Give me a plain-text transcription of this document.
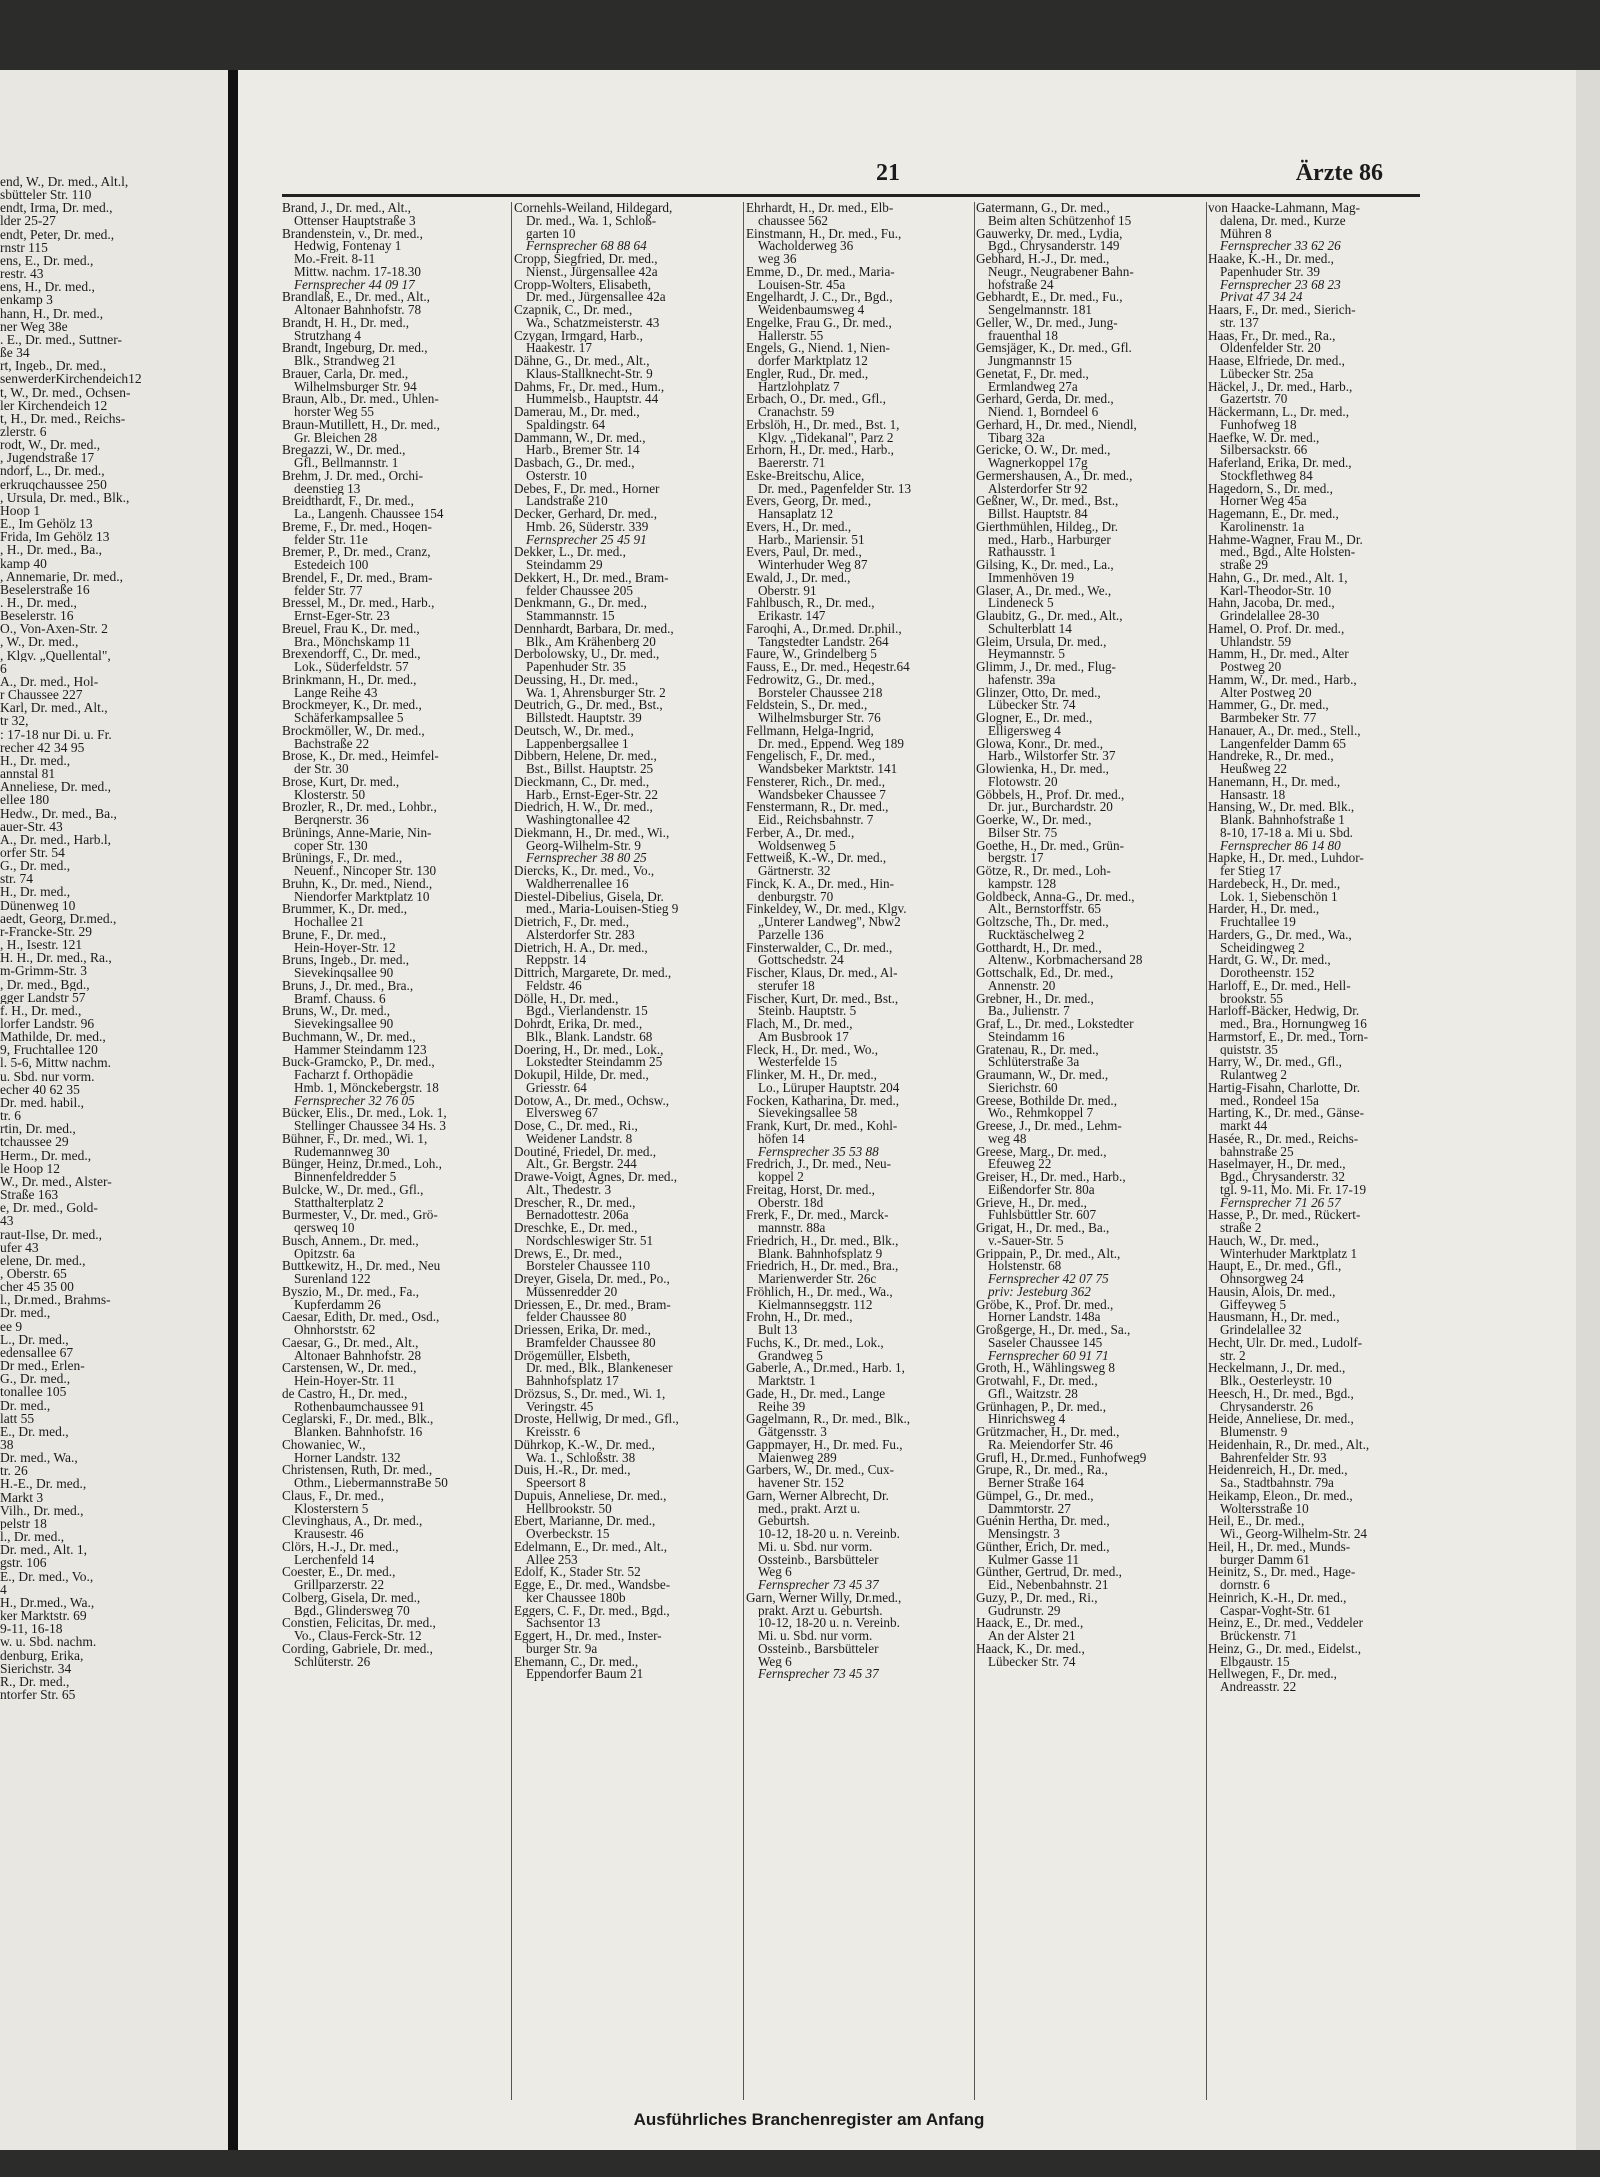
end, W., Dr. med., Alt.l,
sbütteler Str. 110
endt, Irma, Dr. med.,
lder 25-27
endt, Peter, Dr. med.,
rnstr 115
ens, E., Dr. med.,
restr. 43
ens, H., Dr. med.,
enkamp 3
hann, H., Dr. med.,
ner Weg 38e
. E., Dr. med., Suttner-
ße 34
rt, Ingeb., Dr. med.,
senwerderKirchendeich12
t, W., Dr. med., Ochsen-
ler Kirchendeich 12
t, H., Dr. med., Reichs-
zlerstr. 6
rodt, W., Dr. med.,
, Jugendstraße 17
ndorf, L., Dr. med.,
erkruqchaussee 250
, Ursula, Dr. med., Blk.,
Hoop 1
E., Im Gehölz 13
Frida, Im Gehölz 13
, H., Dr. med., Ba.,
kamp 40
, Annemarie, Dr. med.,
Beselerstraße 16
. H., Dr. med.,
Beselerstr. 16
O., Von-Axen-Str. 2
, W., Dr. med.,
, Klgv. „Quellental",
6
A., Dr. med., Hol-
r Chaussee 227
Karl, Dr. med., Alt.,
tr 32,
: 17-18 nur Di. u. Fr.
recher 42 34 95
H., Dr. med.,
annstal 81
Anneliese, Dr. med.,
ellee 180
Hedw., Dr. med., Ba.,
auer-Str. 43
A., Dr. med., Harb.l,
orfer Str. 54
G., Dr. med.,
str. 74
H., Dr. med.,
Dünenweg 10
aedt, Georg, Dr.med.,
r-Francke-Str. 29
, H., Isestr. 121
H. H., Dr. med., Ra.,
m-Grimm-Str. 3
, Dr. med., Bgd.,
gger Landstr 57
f. H., Dr. med.,
lorfer Landstr. 96
Mathilde, Dr. med.,
9, Fruchtallee 120
l. 5-6, Mittw nachm.
u. Sbd. nur vorm.
echer 40 62 35
Dr. med. habil.,
tr. 6
rtin, Dr. med.,
tchaussee 29
Herm., Dr. med.,
le Hoop 12
W., Dr. med., Alster-
Straße 163
e, Dr. med., Gold-
43
raut-Ilse, Dr. med.,
ufer 43
elene, Dr. med.,
, Oberstr. 65
cher 45 35 00
l., Dr.med., Brahms-
Dr. med.,
ee 9
L., Dr. med.,
edensallee 67
Dr med., Erlen-
G., Dr. med.,
tonallee 105
Dr. med.,
latt 55
E., Dr. med.,
38
Dr. med., Wa.,
tr. 26
H.-E., Dr. med.,
Markt 3
Vilh., Dr. med.,
pelstr 18
l., Dr. med.,
Dr. med., Alt. 1,
gstr. 106
E., Dr. med., Vo.,
4
H., Dr.med., Wa.,
ker Marktstr. 69
9-11, 16-18
w. u. Sbd. nachm.
denburg, Erika,
Sierichstr. 34
R., Dr. med.,
ntorfer Str. 65
21	Ärzte 86
Brand, J., Dr. med., Alt.,
Ottenser Hauptstraße 3
Brandenstein, v., Dr. med.,
Hedwig, Fontenay 1
Mo.-Freit. 8-11
Mittw. nachm. 17-18.30
Fernsprecher 44 09 17
Brandlaß, E., Dr. med., Alt.,
Altonaer Bahnhofstr. 78
Brandt, H. H., Dr. med.,
Strutzhang 4
Brandt, Ingeburg, Dr. med.,
Blk., Strandweg 21
Brauer, Carla, Dr. med.,
Wilhelmsburger Str. 94
Braun, Alb., Dr. med., Uhlen-
horster Weg 55
Braun-Mutillett, H., Dr. med.,
Gr. Bleichen 28
Bregazzi, W., Dr. med.,
Gfl., Bellmannstr. 1
Brehm, J. Dr. med., Orchi-
deenstieg 13
Breidthardt, F., Dr. med.,
La., Langenh. Chaussee 154
Breme, F., Dr. med., Hoqen-
felder Str. 11e
Bremer, P., Dr. med., Cranz,
Estedeich 100
Brendel, F., Dr. med., Bram-
felder Str. 77
Bressel, M., Dr. med., Harb.,
Ernst-Eger-Str. 23
Breuel, Frau K., Dr. med.,
Bra., Mönchskamp 11
Brexendorff, C., Dr. med.,
Lok., Süderfeldstr. 57
Brinkmann, H., Dr. med.,
Lange Reihe 43
Brockmeyer, K., Dr. med.,
Schäferkampsallee 5
Brockmöller, W., Dr. med.,
Bachstraße 22
Brose, K., Dr. med., Heimfel-
der Str. 30
Brose, Kurt, Dr. med.,
Klosterstr. 50
Brozler, R., Dr. med., Lohbr.,
Berqnerstr. 36
Brünings, Anne-Marie, Nin-
coper Str. 130
Brünings, F., Dr. med.,
Neuenf., Nincoper Str. 130
Bruhn, K., Dr. med., Niend.,
Niendorfer Marktplatz 10
Brummer, K., Dr. med.,
Hochallee 21
Brune, F., Dr. med.,
Hein-Hoyer-Str. 12
Bruns, Ingeb., Dr. med.,
Sievekinqsallee 90
Bruns, J., Dr. med., Bra.,
Bramf. Chauss. 6
Bruns, W., Dr. med.,
Sievekingsallee 90
Buchmann, W., Dr. med.,
Hammer Steindamm 123
Buck-Gramcko, P., Dr. med.,
Facharzt f. Orthopädie
Hmb. 1, Mönckebergstr. 18
Fernsprecher 32 76 05
Bücker, Elis., Dr. med., Lok. 1,
Stellinger Chaussee 34 Hs. 3
Bühner, F., Dr. med., Wi. 1,
Rudemannweg 30
Bünger, Heinz, Dr.med., Loh.,
Binnenfeldredder 5
Bulcke, W., Dr. med., Gfl.,
Statthalterplatz 2
Burmester, V., Dr. med., Grö-
qersweq 10
Busch, Annem., Dr. med.,
Opitzstr. 6a
Buttkewitz, H., Dr. med., Neu
Surenland 122
Byszio, M., Dr. med., Fa.,
Kupferdamm 26
Caesar, Edith, Dr. med., Osd.,
Ohnhorststr. 62
Caesar, G., Dr. med., Alt.,
Altonaer Bahnhofstr. 28
Carstensen, W., Dr. med.,
Hein-Hoyer-Str. 11
de Castro, H., Dr. med.,
Rothenbaumchaussee 91
Ceglarski, F., Dr. med., Blk.,
Blanken. Bahnhofstr. 16
Chowaniec, W.,
Horner Landstr. 132
Christensen, Ruth, Dr. med.,
Othm., LiebermannstraBe 50
Claus, F., Dr. med.,
Klosterstern 5
Clevinghaus, A., Dr. med.,
Krausestr. 46
Clörs, H.-J., Dr. med.,
Lerchenfeld 14
Coester, E., Dr. med.,
Grillparzerstr. 22
Colberg, Gisela, Dr. med.,
Bgd., Glindersweg 70
Constien, Felicitas, Dr. med.,
Vo., Claus-Ferck-Str. 12
Cording, Gabriele, Dr. med.,
Schlüterstr. 26
Cornehls-Weiland, Hildegard,
Dr. med., Wa. 1, Schloß-
garten 10
Fernsprecher 68 88 64
Cropp, Siegfried, Dr. med.,
Nienst., Jürgensallee 42a
Cropp-Wolters, Elisabeth,
Dr. med., Jürgensallee 42a
Czapnik, C., Dr. med.,
Wa., Schatzmeisterstr. 43
Czygan, Irmgard, Harb.,
Haakestr. 17
Dähne, G., Dr. med., Alt.,
Klaus-Stallknecht-Str. 9
Dahms, Fr., Dr. med., Hum.,
Hummelsb., Hauptstr. 44
Damerau, M., Dr. med.,
Spaldingstr. 64
Dammann, W., Dr. med.,
Harb., Bremer Str. 14
Dasbach, G., Dr. med.,
Osterstr. 10
Debes, F., Dr. med., Horner
Landstraße 210
Decker, Gerhard, Dr. med.,
Hmb. 26, Süderstr. 339
Fernsprecher 25 45 91
Dekker, L., Dr. med.,
Steindamm 29
Dekkert, H., Dr. med., Bram-
felder Chaussee 205
Denkmann, G., Dr. med.,
Stammannstr. 15
Dennhardt, Barbara, Dr. med.,
Blk., Am Krähenberg 20
Derbolowsky, U., Dr. med.,
Papenhuder Str. 35
Deussing, H., Dr. med.,
Wa. 1, Ahrensburger Str. 2
Deutrich, G., Dr. med., Bst.,
Billstedt. Hauptstr. 39
Deutsch, W., Dr. med.,
Lappenbergsallee 1
Dibbern, Helene, Dr. med.,
Bst., Billst. Hauptstr. 25
Dieckmann, C., Dr. med.,
Harb., Ernst-Eger-Str. 22
Diedrich, H. W., Dr. med.,
Washingtonallee 42
Diekmann, H., Dr. med., Wi.,
Georg-Wilhelm-Str. 9
Fernsprecher 38 80 25
Diercks, K., Dr. med., Vo.,
Waldherrenallee 16
Diestel-Dibelius, Gisela, Dr.
med., Maria-Louisen-Stieg 9
Dietrich, F., Dr. med.,
Alsterdorfer Str. 283
Dietrich, H. A., Dr. med.,
Reppstr. 14
Dittrich, Margarete, Dr. med.,
Feldstr. 46
Dölle, H., Dr. med.,
Bgd., Vierlandenstr. 15
Dohrdt, Erika, Dr. med.,
Blk., Blank. Landstr. 68
Doering, H., Dr. med., Lok.,
Lokstedter Steindamm 25
Dokupil, Hilde, Dr. med.,
Griesstr. 64
Dotow, A., Dr. med., Ochsw.,
Elversweg 67
Dose, C., Dr. med., Ri.,
Weidener Landstr. 8
Doutiné, Friedel, Dr. med.,
Alt., Gr. Bergstr. 244
Drawe-Voigt, Agnes, Dr. med.,
Alt., Thedestr. 3
Drescher, R., Dr. med.,
Bernadottestr. 206a
Dreschke, E., Dr. med.,
Nordschleswiger Str. 51
Drews, E., Dr. med.,
Borsteler Chaussee 110
Dreyer, Gisela, Dr. med., Po.,
Müssenredder 20
Driessen, E., Dr. med., Bram-
felder Chaussee 80
Driessen, Erika, Dr. med.,
Bramfelder Chaussee 80
Drögemüller, Elsbeth,
Dr. med., Blk., Blankeneser
Bahnhofsplatz 17
Drözsus, S., Dr. med., Wi. 1,
Veringstr. 45
Droste, Hellwig, Dr med., Gfl.,
Kreisstr. 6
Dührkop, K.-W., Dr. med.,
Wa. 1., Schloßstr. 38
Duis, H.-R., Dr. med.,
Speersort 8
Dupuis, Anneliese, Dr. med.,
Hellbrookstr. 50
Ebert, Marianne, Dr. med.,
Overbeckstr. 15
Edelmann, E., Dr. med., Alt.,
Allee 253
Edolf, K., Stader Str. 52
Egge, E., Dr. med., Wandsbe-
ker Chaussee 180b
Eggers, C. F., Dr. med., Bgd.,
Sachsentor 13
Eggert, H., Dr. med., Inster-
burger Str. 9a
Ehemann, C., Dr. med.,
Eppendorfer Baum 21
Ehrhardt, H., Dr. med., Elb-
chaussee 562
Einstmann, H., Dr. med., Fu.,
Wacholderweg 36
weg 36
Emme, D., Dr. med., Maria-
Louisen-Str. 45a
Engelhardt, J. C., Dr., Bgd.,
Weidenbaumsweg 4
Engelke, Frau G., Dr. med.,
Hallerstr. 55
Engels, G., Niend. 1, Nien-
dorfer Marktplatz 12
Engler, Rud., Dr. med.,
Hartzlohplatz 7
Erbach, O., Dr. med., Gfl.,
Cranachstr. 59
Erbslöh, H., Dr. med., Bst. 1,
Klgv. „Tidekanal", Parz 2
Erhorn, H., Dr. med., Harb.,
Baererstr. 71
Eske-Breitschu, Alice,
Dr. med., Pagenfelder Str. 13
Evers, Georg, Dr. med.,
Hansaplatz 12
Evers, H., Dr. med.,
Harb., Mariensir. 51
Evers, Paul, Dr. med.,
Winterhuder Weg 87
Ewald, J., Dr. med.,
Oberstr. 91
Fahlbusch, R., Dr. med.,
Erikastr. 147
Faroqhi, A., Dr.med. Dr.phil.,
Tangstedter Landstr. 264
Faure, W., Grindelberg 5
Fauss, E., Dr. med., Heqestr.64
Fedrowitz, G., Dr. med.,
Borsteler Chaussee 218
Feldstein, S., Dr. med.,
Wilhelmsburger Str. 76
Fellmann, Helga-Ingrid,
Dr. med., Eppend. Weg 189
Fengelisch, F., Dr. med.,
Wandsbeker Marktstr. 141
Fensterer, Rich., Dr. med.,
Wandsbeker Chaussee 7
Fenstermann, R., Dr. med.,
Eid., Reichsbahnstr. 7
Ferber, A., Dr. med.,
Woldsenweg 5
Fettweiß, K.-W., Dr. med.,
Gärtnerstr. 32
Finck, K. A., Dr. med., Hin-
denburgstr. 70
Finkeldey, W., Dr. med., Klgv.
„Unterer Landweg", Nbw2
Parzelle 136
Finsterwalder, C., Dr. med.,
Gottschedstr. 24
Fischer, Klaus, Dr. med., Al-
sterufer 18
Fischer, Kurt, Dr. med., Bst.,
Steinb. Hauptstr. 5
Flach, M., Dr. med.,
Am Busbrook 17
Fleck, H., Dr. med., Wo.,
Westerfelde 15
Flinker, M. H., Dr. med.,
Lo., Lüruper Hauptstr. 204
Focken, Katharina, Dr. med.,
Sievekingsallee 58
Frank, Kurt, Dr. med., Kohl-
höfen 14
Fernsprecher 35 53 88
Fredrich, J., Dr. med., Neu-
koppel 2
Freitag, Horst, Dr. med.,
Oberstr. 18d
Frerk, F., Dr. med., Marck-
mannstr. 88a
Friedrich, H., Dr. med., Blk.,
Blank. Bahnhofsplatz 9
Friedrich, H., Dr. med., Bra.,
Marienwerder Str. 26c
Fröhlich, H., Dr. med., Wa.,
Kielmannseggstr. 112
Frohn, H., Dr. med.,
Bult 13
Fuchs, K., Dr. med., Lok.,
Grandweg 5
Gaberle, A., Dr.med., Harb. 1,
Marktstr. 1
Gade, H., Dr. med., Lange
Reihe 39
Gagelmann, R., Dr. med., Blk.,
Gätgensstr. 3
Gappmayer, H., Dr. med. Fu.,
Maienweg 289
Garbers, W., Dr. med., Cux-
havener Str. 152
Garn, Werner Albrecht, Dr.
med., prakt. Arzt u.
Geburtsh.
10-12, 18-20 u. n. Vereinb.
Mi. u. Sbd. nur vorm.
Ossteinb., Barsbütteler
Weg 6
Fernsprecher 73 45 37
Garn, Werner Willy, Dr.med.,
prakt. Arzt u. Geburtsh.
10-12, 18-20 u. n. Vereinb.
Mi. u. Sbd. nur vorm.
Ossteinb., Barsbütteler
Weg 6
Fernsprecher 73 45 37
Gatermann, G., Dr. med.,
Beim alten Schützenhof 15
Gauwerky, Dr. med., Lydia,
Bgd., Chrysanderstr. 149
Gebhard, H.-J., Dr. med.,
Neugr., Neugrabener Bahn-
hofstraße 24
Gebhardt, E., Dr. med., Fu.,
Sengelmannstr. 181
Geller, W., Dr. med., Jung-
frauenthal 18
Gemsjäger, K., Dr. med., Gfl.
Jungmannstr 15
Genetat, F., Dr. med.,
Ermlandweg 27a
Gerhard, Gerda, Dr. med.,
Niend. 1, Borndeel 6
Gerhard, H., Dr. med., Niendl,
Tibarg 32a
Gericke, O. W., Dr. med.,
Wagnerkoppel 17g
Germershausen, A., Dr. med.,
Alsterdorfer Str 92
Geßner, W., Dr. med., Bst.,
Billst. Hauptstr. 84
Gierthmühlen, Hildeg., Dr.
med., Harb., Harburger
Rathausstr. 1
Gilsing, K., Dr. med., La.,
Immenhöven 19
Glaser, A., Dr. med., We.,
Lindeneck 5
Glaubitz, G., Dr. med., Alt.,
Schulterblatt 14
Gleim, Ursula, Dr. med.,
Heymannstr. 5
Glimm, J., Dr. med., Flug-
hafenstr. 39a
Glinzer, Otto, Dr. med.,
Lübecker Str. 74
Glogner, E., Dr. med.,
Elligersweg 4
Glowa, Konr., Dr. med.,
Harb., Wilstorfer Str. 37
Glowienka, H., Dr. med.,
Flotowstr. 20
Göbbels, H., Prof. Dr. med.,
Dr. jur., Burchardstr. 20
Goerke, W., Dr. med.,
Bilser Str. 75
Goethe, H., Dr. med., Grün-
bergstr. 17
Götze, R., Dr. med., Loh-
kampstr. 128
Goldbeck, Anna-G., Dr. med.,
Alt., Bernstorffstr. 65
Goltzsche, Th., Dr. med.,
Rucktäschelweg 2
Gotthardt, H., Dr. med.,
Altenw., Korbmachersand 28
Gottschalk, Ed., Dr. med.,
Annenstr. 20
Grebner, H., Dr. med.,
Ba., Julienstr. 7
Graf, L., Dr. med., Lokstedter
Steindamm 16
Gratenau, R., Dr. med.,
Schlüterstraße 3a
Graumann, W., Dr. med.,
Sierichstr. 60
Greese, Bothilde Dr. med.,
Wo., Rehmkoppel 7
Greese, J., Dr. med., Lehm-
weg 48
Greese, Marg., Dr. med.,
Efeuweg 22
Greiser, H., Dr. med., Harb.,
Eißendorfer Str. 80a
Grieve, H., Dr. med.,
Fuhlsbüttler Str. 607
Grigat, H., Dr. med., Ba.,
v.-Sauer-Str. 5
Grippain, P., Dr. med., Alt.,
Holstenstr. 68
Fernsprecher 42 07 75
priv: Jesteburg 362
Gröbe, K., Prof. Dr. med.,
Horner Landstr. 148a
Großgerge, H., Dr. med., Sa.,
Saseler Chaussee 145
Fernsprecher 60 91 71
Groth, H., Wählingsweg 8
Grotwahl, F., Dr. med.,
Gfl., Waitzstr. 28
Grünhagen, P., Dr. med.,
Hinrichsweg 4
Grützmacher, H., Dr. med.,
Ra. Meiendorfer Str. 46
Grufl, H., Dr.med., Funhofweg9
Grupe, R., Dr. med., Ra.,
Berner Straße 164
Gümpel, G., Dr. med.,
Dammtorstr. 27
Guénin Hertha, Dr. med.,
Mensingstr. 3
Günther, Erich, Dr. med.,
Kulmer Gasse 11
Günther, Gertrud, Dr. med.,
Eid., Nebenbahnstr. 21
Guzy, P., Dr. med., Ri.,
Gudrunstr. 29
Haack, E., Dr. med.,
An der Alster 21
Haack, K., Dr. med.,
Lübecker Str. 74
von Haacke-Lahmann, Mag-
dalena, Dr. med., Kurze
Mühren 8
Fernsprecher 33 62 26
Haake, K.-H., Dr. med.,
Papenhuder Str. 39
Fernsprecher 23 68 23
Privat 47 34 24
Haars, F., Dr. med., Sierich-
str. 137
Haas, Fr., Dr. med., Ra.,
Oldenfelder Str. 20
Haase, Elfriede, Dr. med.,
Lübecker Str. 25a
Häckel, J., Dr. med., Harb.,
Gazertstr. 70
Häckermann, L., Dr. med.,
Funhofweg 18
Haefke, W. Dr. med.,
Silbersackstr. 66
Haferland, Erika, Dr. med.,
Stockflethweg 84
Hagedorn, S., Dr. med.,
Horner Weg 45a
Hagemann, E., Dr. med.,
Karolinenstr. 1a
Hahme-Wagner, Frau M., Dr.
med., Bgd., Alte Holsten-
straße 29
Hahn, G., Dr. med., Alt. 1,
Karl-Theodor-Str. 10
Hahn, Jacoba, Dr. med.,
Grindelallee 28-30
Hamel, O. Prof. Dr. med.,
Uhlandstr. 59
Hamm, H., Dr. med., Alter
Postweg 20
Hamm, W., Dr. med., Harb.,
Alter Postweg 20
Hammer, G., Dr. med.,
Barmbeker Str. 77
Hanauer, A., Dr. med., Stell.,
Langenfelder Damm 65
Handreke, R., Dr. med.,
Heußweg 22
Hanemann, H., Dr. med.,
Hansastr. 18
Hansing, W., Dr. med. Blk.,
Blank. Bahnhofstraße 1
8-10, 17-18 a. Mi u. Sbd.
Fernsprecher 86 14 80
Hapke, H., Dr. med., Luhdor-
fer Stieg 17
Hardebeck, H., Dr. med.,
Lok. 1, Siebenschön 1
Harder, H., Dr. med.,
Fruchtallee 19
Harders, G., Dr. med., Wa.,
Scheidingweg 2
Hardt, G. W., Dr. med.,
Dorotheenstr. 152
Harloff, E., Dr. med., Hell-
brookstr. 55
Harloff-Bäcker, Hedwig, Dr.
med., Bra., Hornungweg 16
Harmstorf, E., Dr. med., Torn-
quiststr. 35
Harry, W., Dr. med., Gfl.,
Rulantweg 2
Hartig-Fisahn, Charlotte, Dr.
med., Rondeel 15a
Harting, K., Dr. med., Gänse-
markt 44
Hasée, R., Dr. med., Reichs-
bahnstraße 25
Haselmayer, H., Dr. med.,
Bgd., Chrysanderstr. 32
tgl. 9-11, Mo. Mi. Fr. 17-19
Fernsprecher 71 26 57
Hasse, P., Dr. med., Rückert-
straße 2
Hauch, W., Dr. med.,
Winterhuder Marktplatz 1
Haupt, E., Dr. med., Gfl.,
Ohnsorgweg 24
Hausin, Alois, Dr. med.,
Giffeyweg 5
Hausmann, H., Dr. med.,
Grindelallee 32
Hecht, Ulr. Dr. med., Ludolf-
str. 2
Heckelmann, J., Dr. med.,
Blk., Oesterleystr. 10
Heesch, H., Dr. med., Bgd.,
Chrysanderstr. 26
Heide, Anneliese, Dr. med.,
Blumenstr. 9
Heidenhain, R., Dr. med., Alt.,
Bahrenfelder Str. 93
Heidenreich, H., Dr. med.,
Sa., Stadtbahnstr. 79a
Heikamp, Eleon., Dr. med.,
Woltersstraße 10
Heil, E., Dr. med.,
Wi., Georg-Wilhelm-Str. 24
Heil, H., Dr. med., Munds-
burger Damm 61
Heinitz, S., Dr. med., Hage-
dornstr. 6
Heinrich, K.-H., Dr. med.,
Caspar-Voght-Str. 61
Heinz, E., Dr. med., Veddeler
Brückenstr. 71
Heinz, G., Dr. med., Eidelst.,
Elbgaustr. 15
Hellwegen, F., Dr. med.,
Andreasstr. 22
Ausführliches Branchenregister am Anfang
